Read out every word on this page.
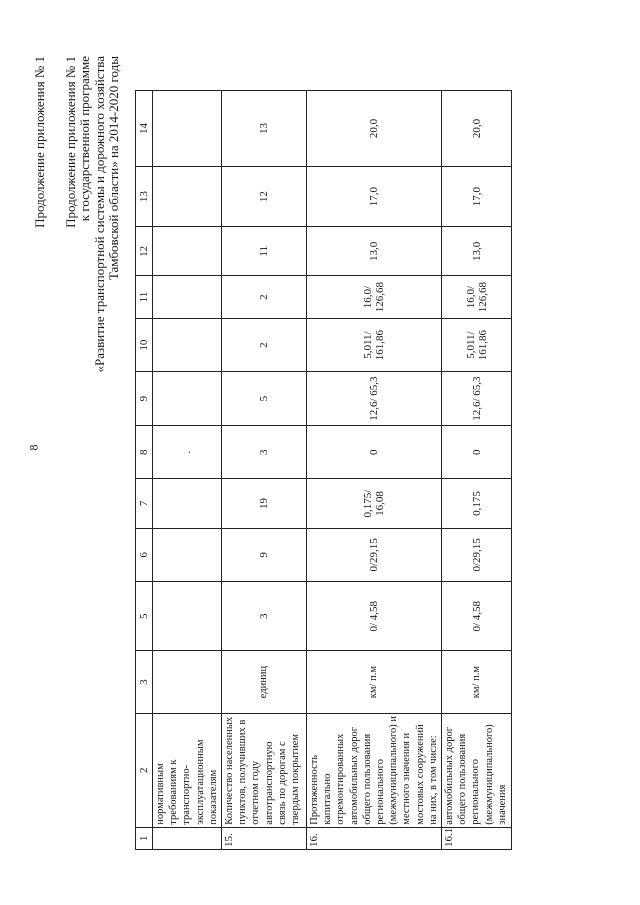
8
Продолжение приложения № 1 Продолжение приложения № 1 к государственной программе «Развитие транспортной системы и дорожного хозяйства Тамбовской области» на 2014-2020 годы
1	2	3	5	6	7	8	9	10	11	12	13	14
	нормативным требованиям к транспортно-эксплуатационным показателям					.						
15.	Количество населенных пунктов, получивших в отчетном году автотранспортную связь по дорогам с твердым покрытием	единиц	3	9	19	3	5	2	2	11	12	13
16.	Протяженность капитально отремонтированных автомобильных дорог общего пользования регионального (межмуниципального) и местного значения и мостовых сооружений на них, в том числе:	км/ п.м	0/ 4,58	0/29,15	0,175/ 16,08	0	12,6/ 65,3	5,011/ 161,86	16,0/ 126,68	13,0	17,0	20,0
16.1	автомобильных дорог общего пользования регионального (межмуниципального) значения	км/ п.м	0/ 4,58	0/29,15	0,175	0	12,6/ 65,3	5,011/ 161,86	16,0/ 126,68	13,0	17,0	20,0
